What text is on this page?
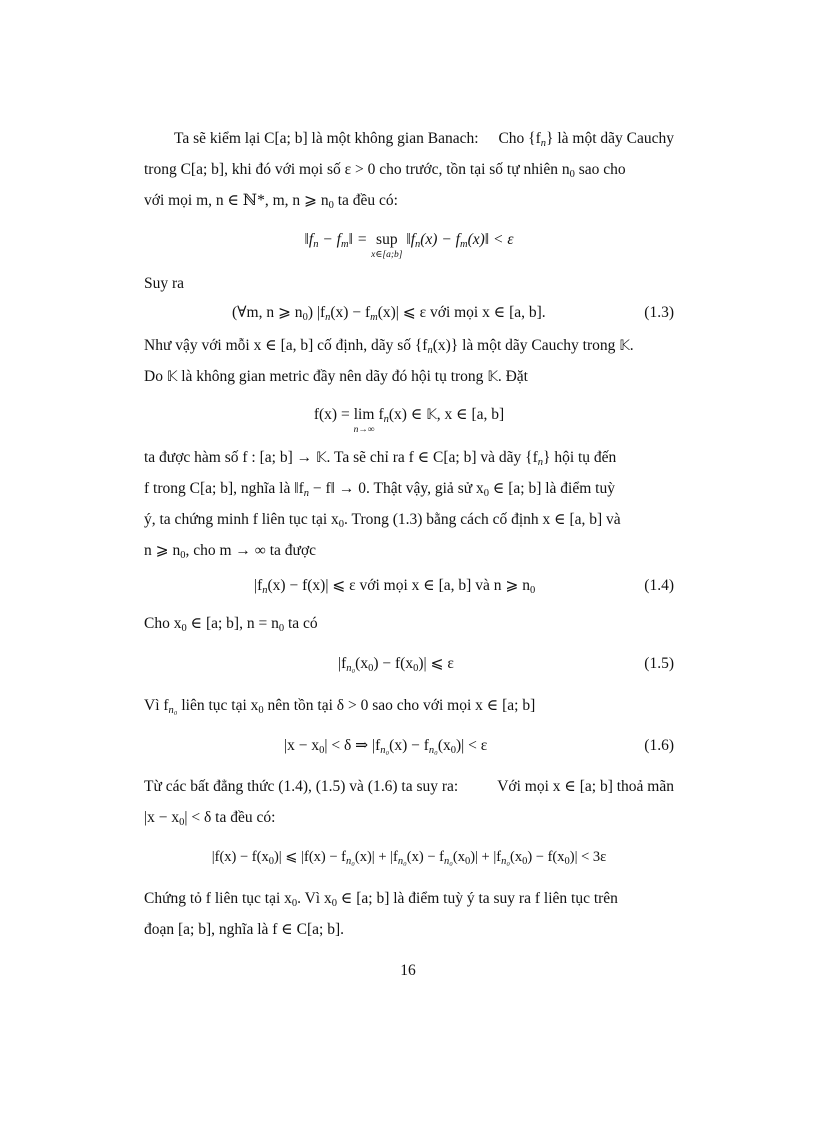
Ta sẽ kiểm lại C[a; b] là một không gian Banach: Cho $\{f_n\}$ là một dãy Cauchy
trong C[a; b], khi đó với mọi số ε > 0 cho trước, tồn tại số tự nhiên $n_0$ sao cho
với mọi m, n ∈ ℕ*, m, n ⩾ $n_0$ ta đều có:
$‖f_n$ − $f_m‖$ = sup
x∈[a;b]
$‖f_n(x)$ − $f_m(x)‖ < \varepsilon$
Suy ra
(∀m, n ⩾ $n_0$) $|f_n(x) - f_m(x)|$ ⩽ ε với mọi x ∈ [a, b].	(1.3)
Như vậy với mỗi x ∈ [a, b] cố định, dãy số $\{f_n(x)\}$ là một dãy Cauchy trong 𝕂.
Do 𝕂 là không gian metric đầy nên dãy đó hội tụ trong 𝕂. Đặt
f(x) = lim
n→∞
$f_n(x)$ ∈ 𝕂, x ∈ [a, b]
ta được hàm số f : [a; b] → 𝕂. Ta sẽ chỉ ra f ∈ C[a; b] và dãy $\{f_n\}$ hội tụ đến
f trong C[a; b], nghĩa là $‖f_n$ − f‖ → 0. Thật vậy, giả sử $x_0$ ∈ [a; b] là điểm tuỳ
ý, ta chứng minh f liên tục tại $x_0$. Trong (1.3) bằng cách cố định x ∈ [a, b] và
n ⩾ $n_0$, cho m → ∞ ta được
$|f_n(x) - f(x)|$ ⩽ ε với mọi x ∈ [a, b] và n ⩾ $n_0$	(1.4)
Cho $x_0$ ∈ [a; b], $n = n_0$ ta có
$|f_{n_0}(x_0) - f(x_0)|$ ⩽ ε	(1.5)
Vì $f_{n_0}$ liên tục tại $x_0$ nên tồn tại δ > 0 sao cho với mọi x ∈ [a; b]
$|x - x_0| < \delta$ ⇒ $|f_{n_0}(x) - f_{n_0}(x_0)| < \varepsilon$	(1.6)
Từ các bất đẳng thức (1.4), (1.5) và (1.6) ta suy ra:	Với mọi x ∈ [a; b] thoả mãn
$|x - x_0| < \delta$ ta đều có:
$|f(x) - f(x_0)|$ ⩽ $|f(x) - f_{n_0}(x)| + |f_{n_0}(x) - f_{n_0}(x_0)| + |f_{n_0}(x_0) - f(x_0)| < 3\varepsilon$
Chứng tỏ f liên tục tại $x_0$. Vì $x_0$ ∈ [a; b] là điểm tuỳ ý ta suy ra f liên tục trên
đoạn [a; b], nghĩa là f ∈ C[a; b].
16
